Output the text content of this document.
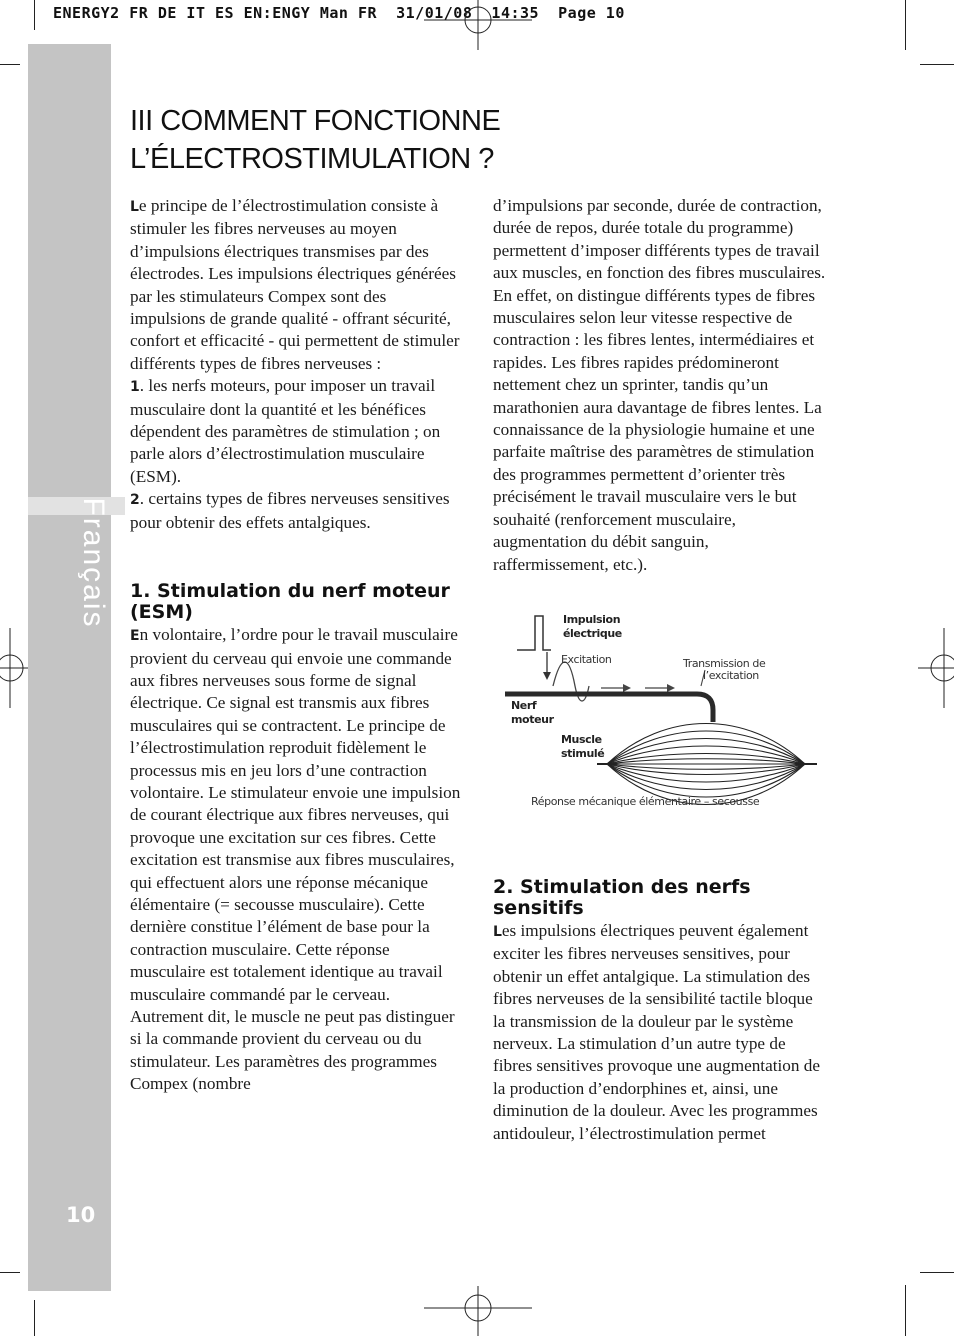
ENERGY2 FR DE IT ES EN:ENGY Man FR  31/01/08  14:35  Page 10
Français
10
III COMMENT FONCTIONNE
L’ÉLECTROSTIMULATION ?

Le principe de l’électrostimulation consiste à stimuler les fibres nerveuses au moyen d’impulsions électriques transmises par des électrodes. Les impulsions électriques générées par les stimulateurs Compex sont des impulsions de grande qualité - offrant sécurité, confort et efficacité - qui permettent de stimuler différents types de fibres nerveuses :

1. les nerfs moteurs, pour imposer un travail musculaire dont la quantité et les bénéfices dépendent des paramètres de stimulation ; on parle alors d’électrostimulation musculaire (ESM).

2. certains types de fibres nerveuses sensitives pour obtenir des effets antalgiques.

1. Stimulation du nerf moteur
(ESM)

En volontaire, l’ordre pour le travail musculaire provient du cerveau qui envoie une commande aux fibres nerveuses sous forme de signal électrique. Ce signal est transmis aux fibres musculaires qui se contractent. Le principe de l’électrostimulation reproduit fidèlement le processus mis en jeu lors d’une contraction volontaire. Le stimulateur envoie une impulsion de courant électrique aux fibres nerveuses, qui provoque une excitation sur ces fibres. Cette excitation est transmise aux fibres musculaires, qui effectuent alors une réponse mécanique élémentaire (= secousse musculaire). Cette dernière constitue l’élément de base pour la contraction musculaire. Cette réponse musculaire est totalement identique au travail musculaire commandé par le cerveau. Autrement dit, le muscle ne peut pas distinguer si la commande provient du cerveau ou du stimulateur. Les paramètres des programmes Compex (nombre

d’impulsions par seconde, durée de contraction, durée de repos, durée totale du programme) permettent d’imposer différents types de travail aux muscles, en fonction des fibres musculaires. En effet, on distingue différents types de fibres musculaires selon leur vitesse respective de contraction : les fibres lentes, intermédiaires et rapides. Les fibres rapides prédomineront nettement chez un sprinter, tandis qu’un marathonien aura davantage de fibres lentes. La connaissance de la physiologie humaine et une parfaite maîtrise des paramètres de stimulation des programmes permettent d’orienter très précisément le travail musculaire vers le but souhaité (renforcement musculaire, augmentation du débit sanguin, raffermissement, etc.).

Impulsion
électrique
Excitation	Transmission de
l’excitation
Nerf
moteur
Muscle
stimulé
Réponse mécanique élémentaire – secousse
2. Stimulation des nerfs
sensitifs

Les impulsions électriques peuvent également exciter les fibres nerveuses sensitives, pour obtenir un effet antalgique. La stimulation des fibres nerveuses de la sensibilité tactile bloque la transmission de la douleur par le système nerveux. La stimulation d’un autre type de fibres sensitives provoque une augmentation de la production d’endorphines et, ainsi, une diminution de la douleur. Avec les programmes antidouleur, l’électrostimulation permet
